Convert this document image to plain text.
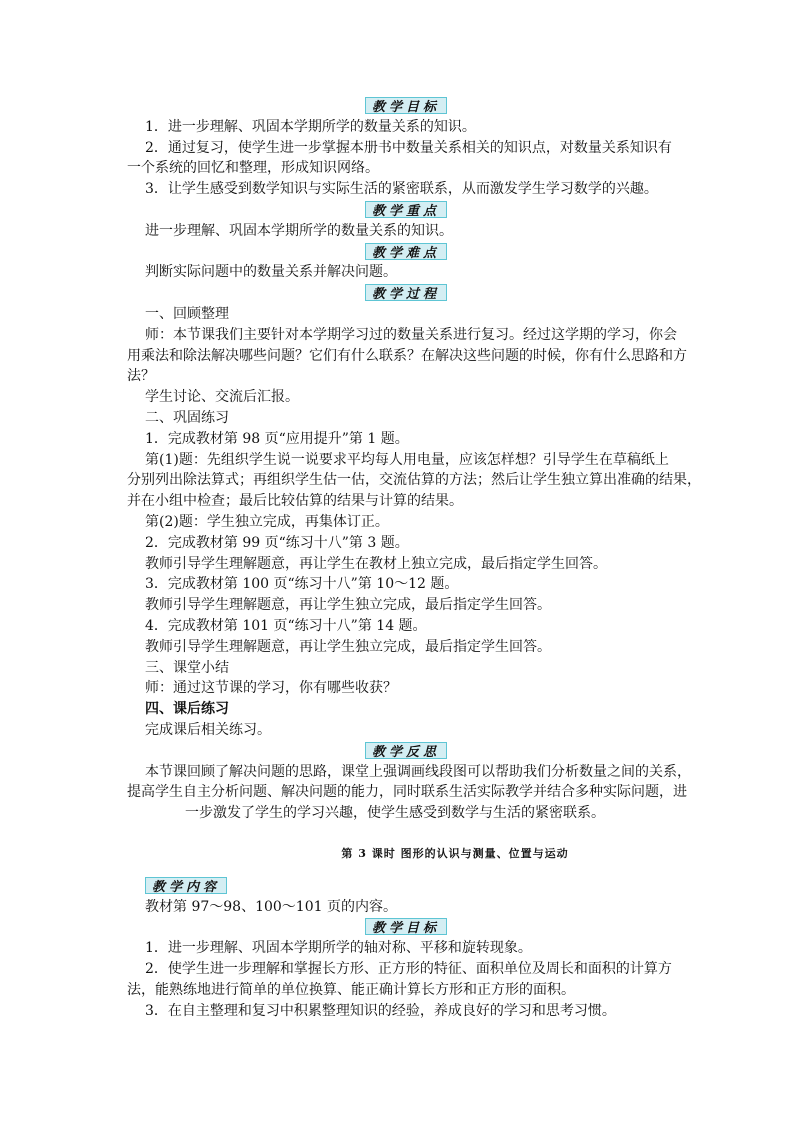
教学目标

1．进一步理解、巩固本学期所学的数量关系的知识。

2．通过复习，使学生进一步掌握本册书中数量关系相关的知识点，对数量关系知识有

一个系统的回忆和整理，形成知识网络。

3．让学生感受到数学知识与实际生活的紧密联系，从而激发学生学习数学的兴趣。

教学重点

进一步理解、巩固本学期所学的数量关系的知识。

教学难点

判断实际问题中的数量关系并解决问题。

教学过程

一、回顾整理

师：本节课我们主要针对本学期学习过的数量关系进行复习。经过这学期的学习，你会

用乘法和除法解决哪些问题？它们有什么联系？在解决这些问题的时候，你有什么思路和方

法？

学生讨论、交流后汇报。

二、巩固练习

1．完成教材第 98 页“应用提升”第 1 题。

第(1)题：先组织学生说一说要求平均每人用电量，应该怎样想？引导学生在草稿纸上

分别列出除法算式；再组织学生估一估，交流估算的方法；然后让学生独立算出准确的结果，

并在小组中检查；最后比较估算的结果与计算的结果。

第(2)题：学生独立完成，再集体订正。

2．完成教材第 99 页“练习十八”第 3 题。

教师引导学生理解题意，再让学生在教材上独立完成，最后指定学生回答。

3．完成教材第 100 页“练习十八”第 10～12 题。

教师引导学生理解题意，再让学生独立完成，最后指定学生回答。

4．完成教材第 101 页“练习十八”第 14 题。

教师引导学生理解题意，再让学生独立完成，最后指定学生回答。

三、课堂小结

师：通过这节课的学习，你有哪些收获？

四、课后练习

完成课后相关练习。

教学反思

本节课回顾了解决问题的思路，课堂上强调画线段图可以帮助我们分析数量之间的关系，

提高学生自主分析问题、解决问题的能力，同时联系生活实际教学并结合多种实际问题，进

一步激发了学生的学习兴趣，使学生感受到数学与生活的紧密联系。

第 3 课时 图形的认识与测量、位置与运动

教学内容

教材第 97～98、100～101 页的内容。

教学目标

1．进一步理解、巩固本学期所学的轴对称、平移和旋转现象。

2．使学生进一步理解和掌握长方形、正方形的特征、面积单位及周长和面积的计算方

法，能熟练地进行简单的单位换算、能正确计算长方形和正方形的面积。

3．在自主整理和复习中积累整理知识的经验，养成良好的学习和思考习惯。
